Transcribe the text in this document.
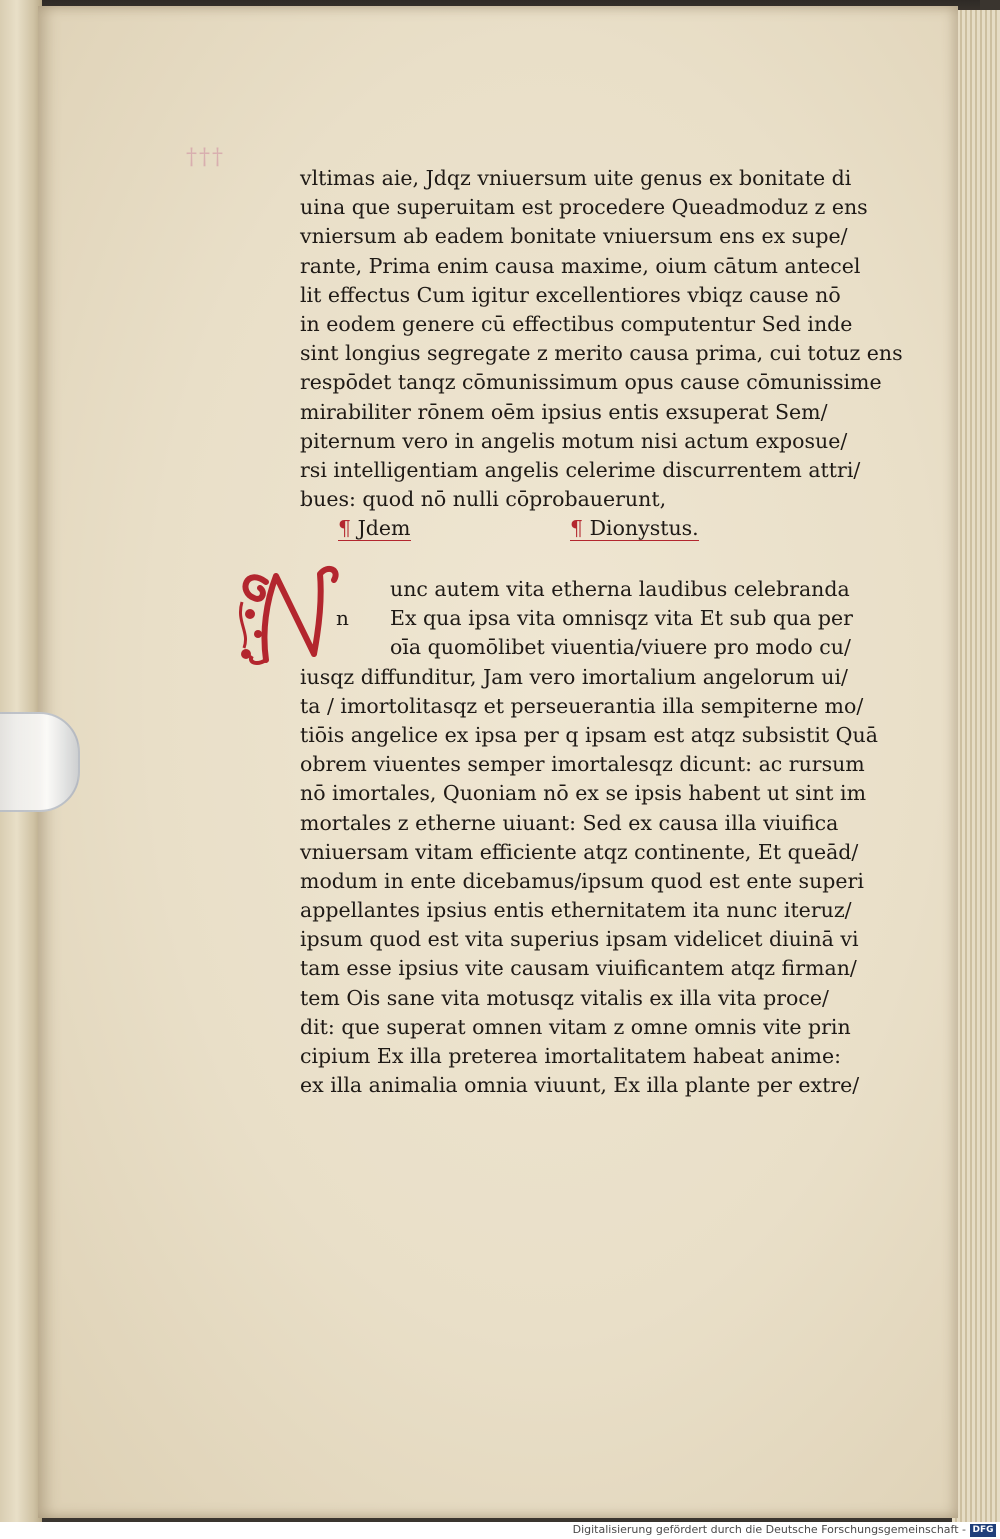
†††
vltimas aie, Jdqz vniuersum uite genus ex bonitate di
uina que superuitam est procedere Queadmoduz z ens
vniersum ab eadem bonitate vniuersum ens ex supe/
rante, Prima enim causa maxime, oium cātum antecel
lit effectus Cum igitur excellentiores vbiqz cause nō
in eodem genere cū effectibus computentur Sed inde
sint longius segregate z merito causa prima, cui totuz ens
respōdet tanqz cōmunissimum opus cause cōmunissime
mirabiliter rōnem oēm ipsius entis exsuperat Sem/
piternum vero in angelis motum nisi actum exposue/
rsi intelligentiam angelis celerime discurrentem attri/
bues: quod nō nulli cōprobauerunt,
¶ Jdem	¶ Dionystus.
n
unc autem vita etherna laudibus celebranda
Ex qua ipsa vita omnisqz vita Et sub qua per
oīa quomōlibet viuentia/viuere pro modo cu/
iusqz diffunditur, Jam vero imortalium angelorum ui/
ta / imortolitasqz et perseuerantia illa sempiterne mo/
tiōis angelice ex ipsa per q ipsam est atqz subsistit Quā
obrem viuentes semper imortalesqz dicunt: ac rursum
nō imortales, Quoniam nō ex se ipsis habent ut sint im
mortales z etherne uiuant: Sed ex causa illa viuifica
vniuersam vitam efficiente atqz continente, Et queād/
modum in ente dicebamus/ipsum quod est ente superi
appellantes ipsius entis ethernitatem ita nunc iteruz/
ipsum quod est vita superius ipsam videlicet diuinā vi
tam esse ipsius vite causam viuificantem atqz firman/
tem Ois sane vita motusqz vitalis ex illa vita proce/
dit: que superat omnen vitam z omne omnis vite prin
cipium Ex illa preterea imortalitatem habeat anime:
ex illa animalia omnia viuunt, Ex illa plante per extre/
Digitalisierung gefördert durch die Deutsche Forschungsgemeinschaft - DFG
